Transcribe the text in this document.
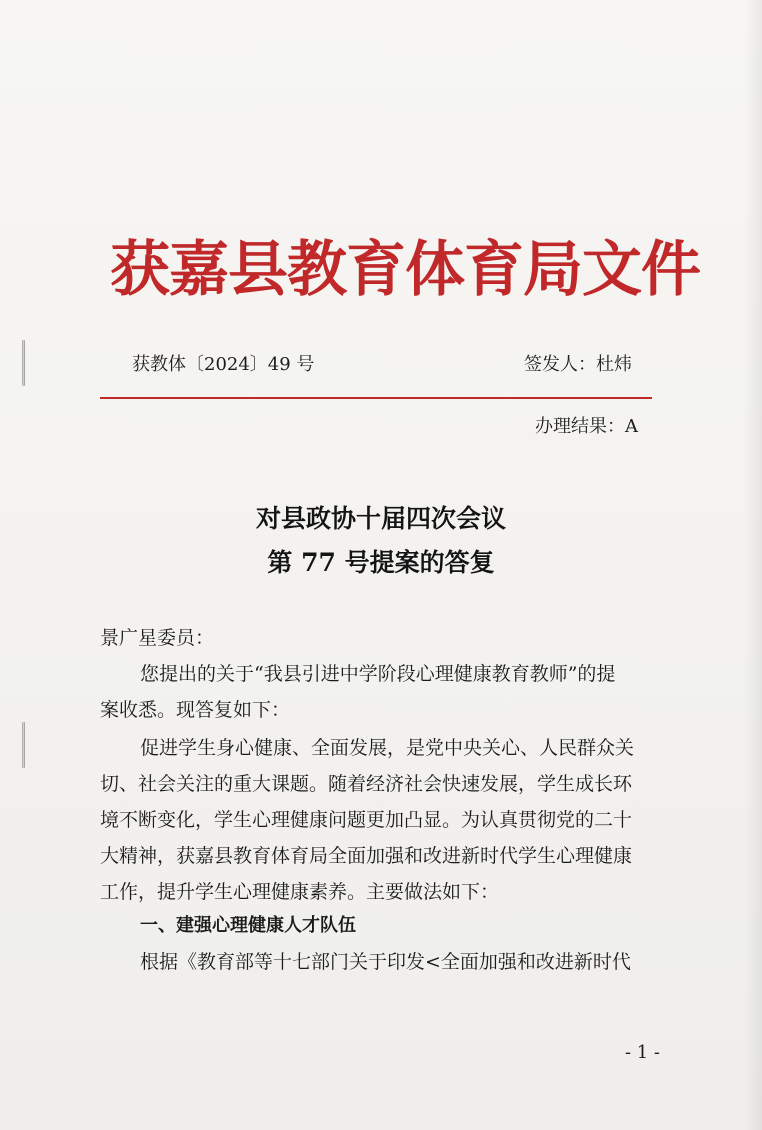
获嘉县教育体育局文件
获教体〔2024〕49 号	签发人：杜炜
办理结果：A
对县政协十届四次会议
第 77 号提案的答复
景广星委员：
您提出的关于“我县引进中学阶段心理健康教育教师”的提
案收悉。现答复如下：
促进学生身心健康、全面发展，是党中央关心、人民群众关
切、社会关注的重大课题。随着经济社会快速发展，学生成长环
境不断变化，学生心理健康问题更加凸显。为认真贯彻党的二十
大精神，获嘉县教育体育局全面加强和改进新时代学生心理健康
工作，提升学生心理健康素养。主要做法如下：
一、建强心理健康人才队伍
根据《教育部等十七部门关于印发<全面加强和改进新时代
- 1 -
